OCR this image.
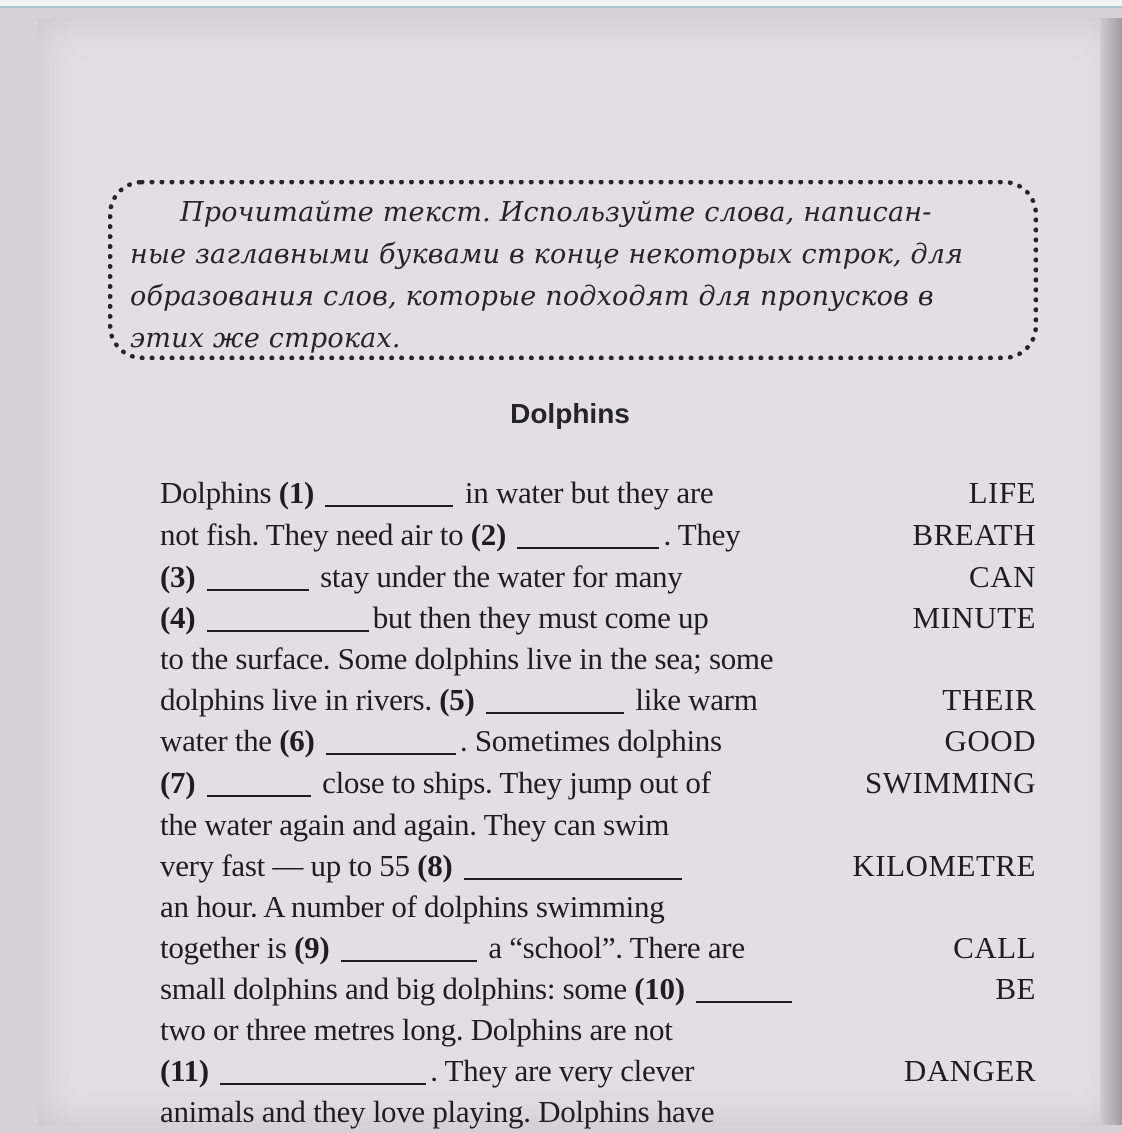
Прочитайте текст. Используйте слова, написан-
ные заглавными буквами в конце некоторых строк, для
образования слов, которые подходят для пропусков в
этих же строках.
Dolphins
Dolphins (1)	in water but they are	LIFE
not fish. They need air to (2)	. They	BREATH
(3)	stay under the water for many	CAN
(4)	but then they must come up	MINUTE
to the surface. Some dolphins live in the sea; some
dolphins live in rivers. (5)	like warm	THEIR
water the (6)	. Sometimes dolphins	GOOD
(7)	close to ships. They jump out of	SWIMMING
the water again and again. They can swim
very fast — up to 55 (8)	KILOMETRE
an hour. A number of dolphins swimming
together is (9)	a “school”. There are	CALL
small dolphins and big dolphins: some (10)	BE
two or three metres long. Dolphins are not
(11)	. They are very clever	DANGER
animals and they love playing. Dolphins have
